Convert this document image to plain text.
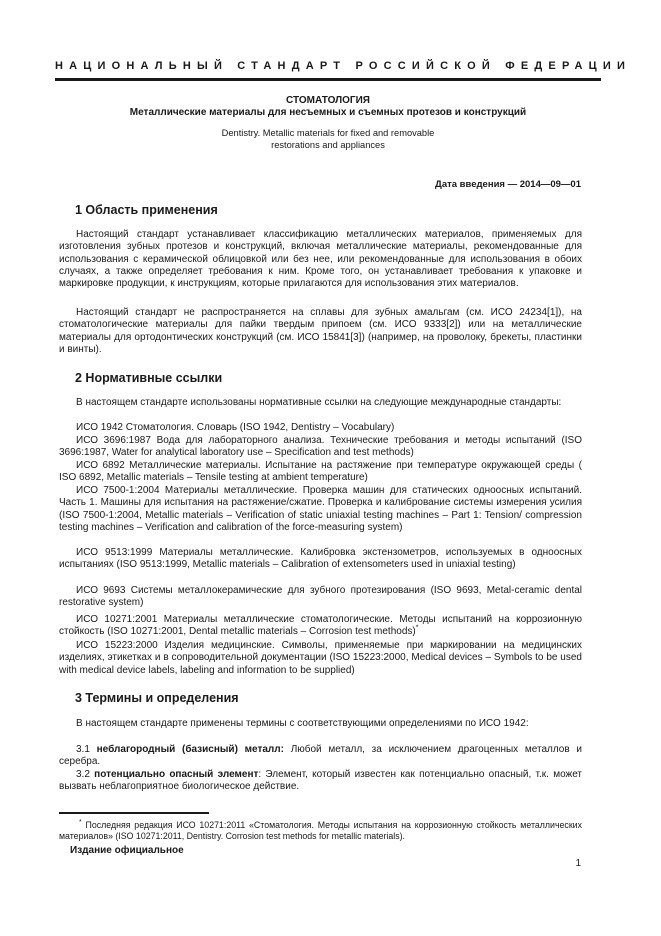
НАЦИОНАЛЬНЫЙ СТАНДАРТ РОССИЙСКОЙ ФЕДЕРАЦИИ
СТОМАТОЛОГИЯ
Металлические материалы для несъемных и съемных протезов и конструкций
Dentistry. Metallic materials for fixed and removable
restorations and appliances
Дата введения — 2014—09—01
1 Область применения

Настоящий стандарт устанавливает классификацию металлических материалов, применяемых для изготовления зубных протезов и конструкций, включая металлические материалы, рекомендованные для использования с керамической облицовкой или без нее, или рекомендованные для использования в обоих случаях, а также определяет требования к ним. Кроме того, он устанавливает требования к упаковке и маркировке продукции, к инструкциям, которые прилагаются для использования этих материалов.

Настоящий стандарт не распространяется на сплавы для зубных амальгам (см. ИСО 24234[1]), на стоматологические материалы для пайки твердым припоем (см. ИСО 9333[2]) или на металлические материалы для ортодонтических конструкций (см. ИСО 15841[3]) (например, на проволоку, брекеты, пластинки и винты).

2 Нормативные ссылки

В настоящем стандарте использованы нормативные ссылки на следующие международные стандарты:

ИСО 1942 Стоматология. Словарь (ISO 1942, Dentistry – Vocabulary)

ИСО 3696:1987 Вода для лабораторного анализа. Технические требования и методы испытаний (ISO 3696:1987, Water for analytical laboratory use – Specification and test methods)

ИСО 6892 Металлические материалы. Испытание на растяжение при температуре окружающей среды ( ISO 6892, Metallic materials – Tensile testing at ambient temperature)

ИСО 7500-1:2004 Материалы металлические. Проверка машин для статических одноосных испытаний. Часть 1. Машины для испытания на растяжение/сжатие. Проверка и калибрование системы измерения усилия (ISO 7500-1:2004, Metallic materials – Verification of static uniaxial testing machines – Part 1: Tension/ compression testing machines – Verification and calibration of the force-measuring system)

ИСО 9513:1999 Материалы металлические. Калибровка экстензометров, используемых в одноосных испытаниях (ISO 9513:1999, Metallic materials – Calibration of extensometers used in uniaxial testing)

ИСО 9693 Системы металлокерамические для зубного протезирования (ISO 9693, Metal-ceramic dental restorative system)

ИСО 10271:2001 Материалы металлические стоматологические. Методы испытаний на коррозионную стойкость (ISO 10271:2001, Dental metallic materials – Corrosion test methods)*

ИСО 15223:2000 Изделия медицинские. Символы, применяемые при маркировании на медицинских изделиях, этикетках и в сопроводительной документации (ISO 15223:2000, Medical devices – Symbols to be used with medical device labels, labeling and information to be supplied)

3 Термины и определения

В настоящем стандарте применены термины с соответствующими определениями по ИСО 1942:

3.1 неблагородный (базисный) металл: Любой металл, за исключением драгоценных металлов и серебра.

3.2 потенциально опасный элемент: Элемент, который известен как потенциально опасный, т.к. может вызвать неблагоприятное биологическое действие.

* Последняя редакция ИСО 10271:2011 «Стоматология. Методы испытания на коррозионную стойкость металлических материалов» (ISO 10271:2011, Dentistry. Corrosion test methods for metallic materials).

Издание официальное
1
